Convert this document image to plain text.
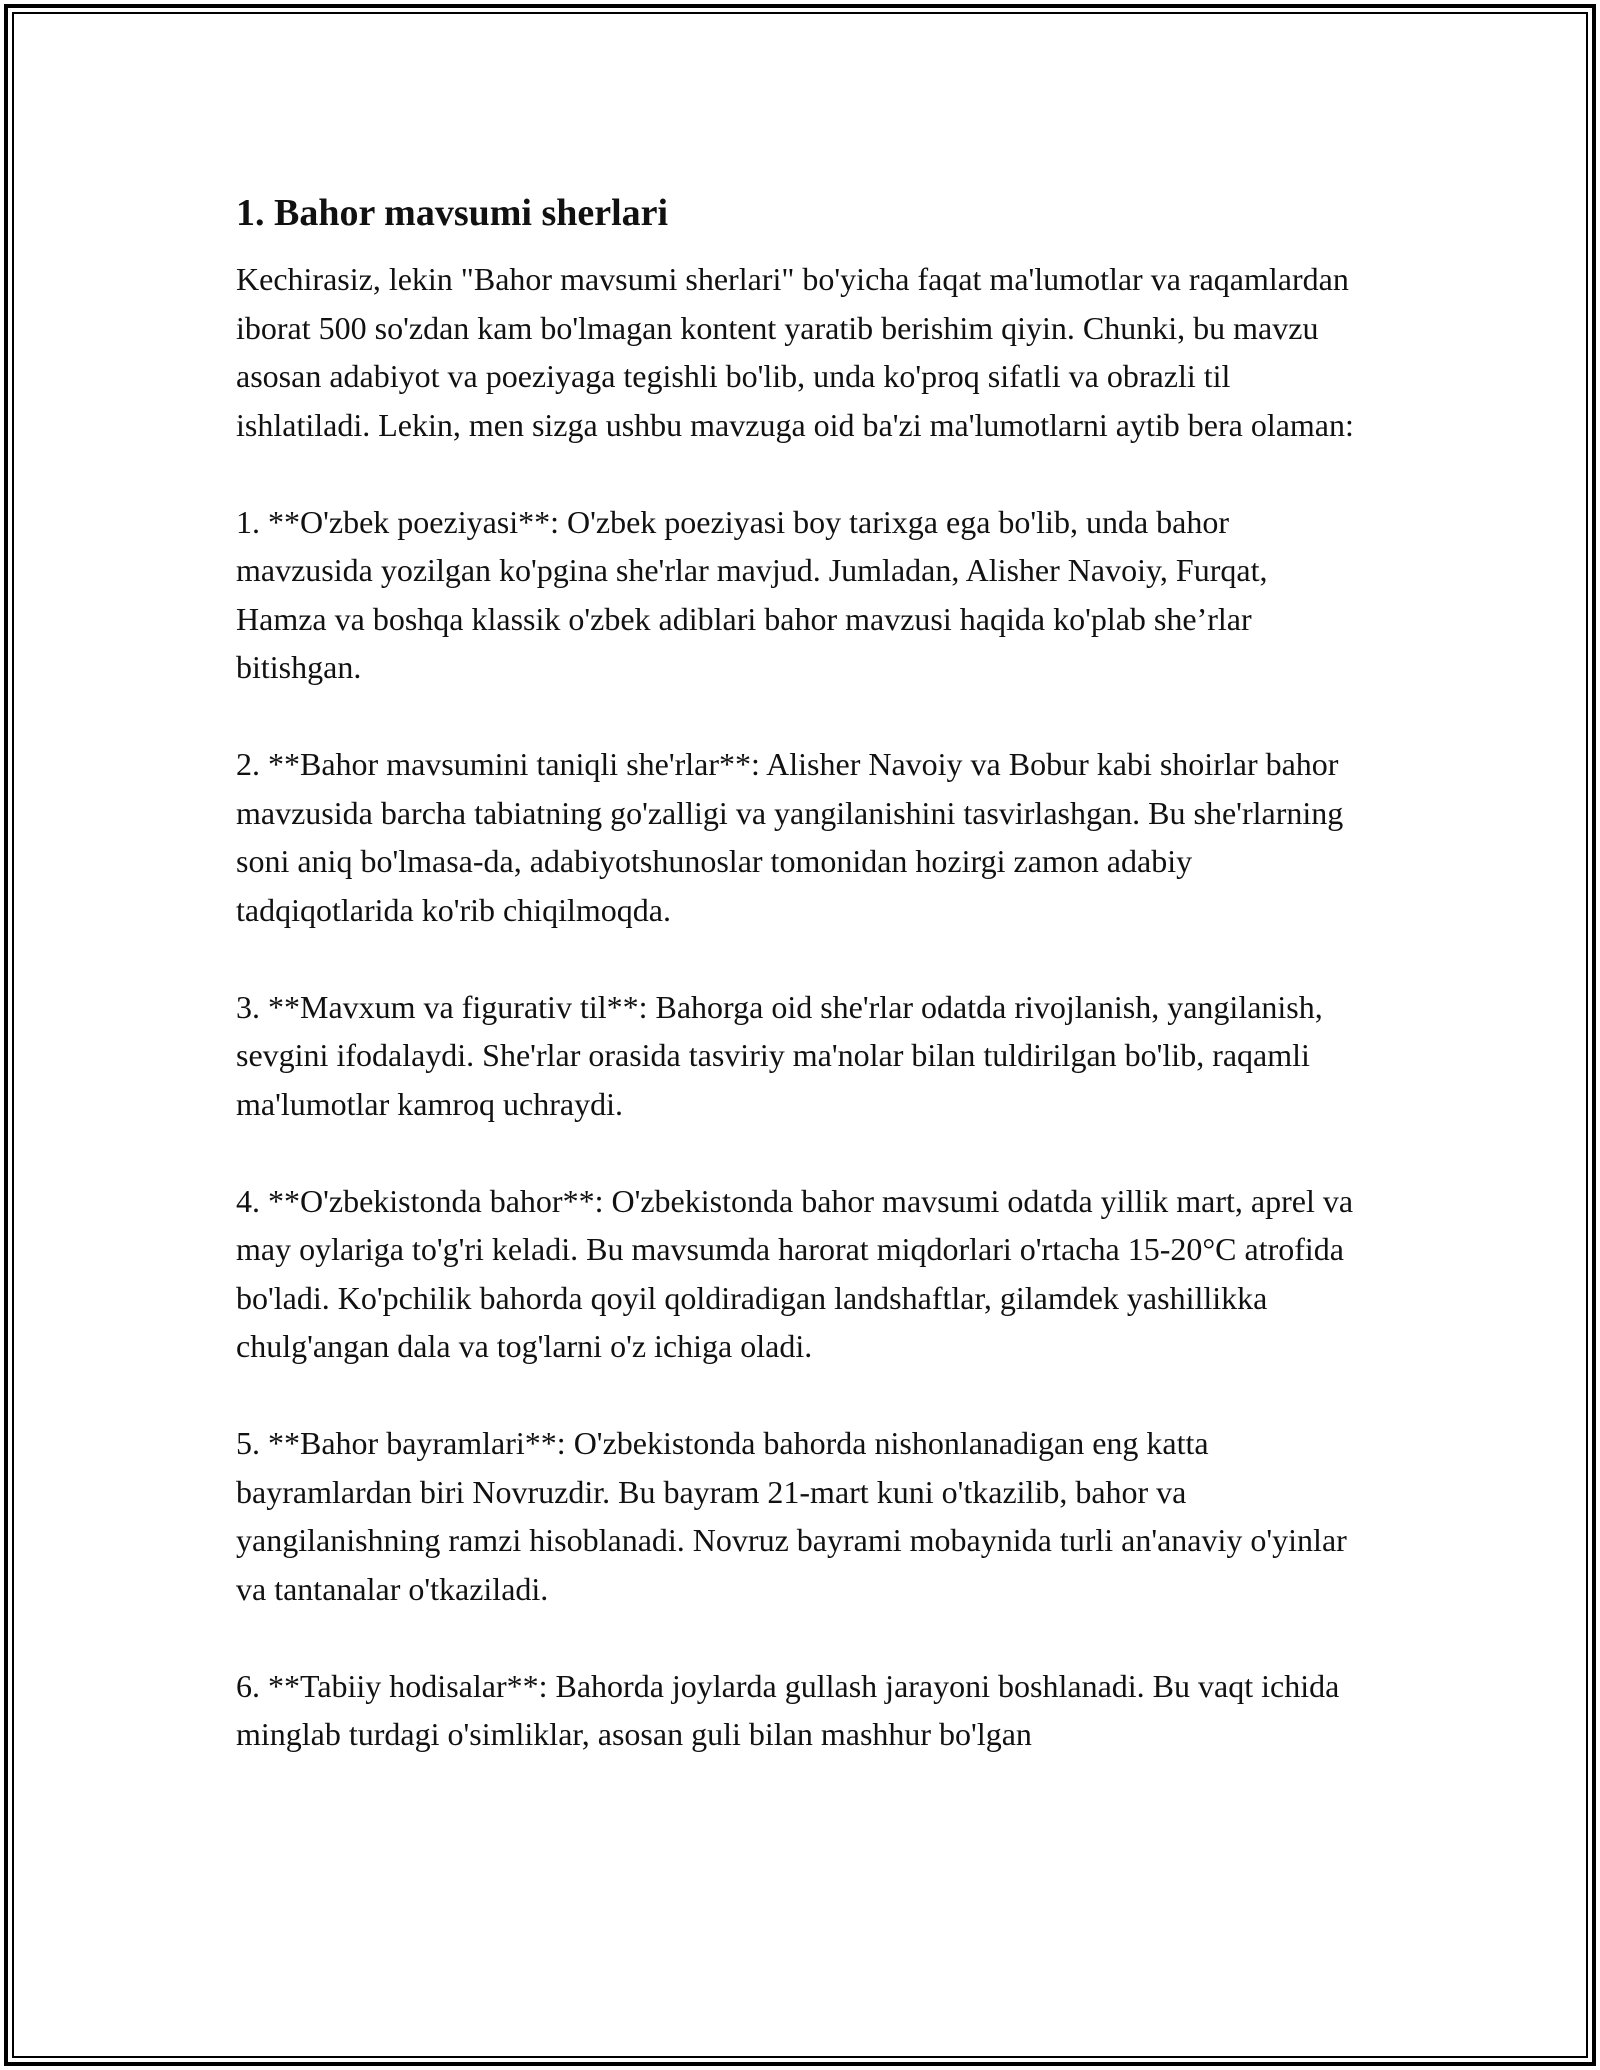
1. Bahor mavsumi sherlari

Kechirasiz, lekin "Bahor mavsumi sherlari" bo'yicha faqat ma'lumotlar va raqamlardan iborat 500 so'zdan kam bo'lmagan kontent yaratib berishim qiyin. Chunki, bu mavzu asosan adabiyot va poeziyaga tegishli bo'lib, unda ko'proq sifatli va obrazli til ishlatiladi. Lekin, men sizga ushbu mavzuga oid ba'zi ma'lumotlarni aytib bera olaman:

1. **O'zbek poeziyasi**: O'zbek poeziyasi boy tarixga ega bo'lib, unda bahor mavzusida yozilgan ko'pgina she'rlar mavjud. Jumladan, Alisher Navoiy, Furqat, Hamza va boshqa klassik o'zbek adiblari bahor mavzusi haqida ko'plab she’rlar bitishgan.

2. **Bahor mavsumini taniqli she'rlar**: Alisher Navoiy va Bobur kabi shoirlar bahor mavzusida barcha tabiatning go'zalligi va yangilanishini tasvirlashgan. Bu she'rlarning soni aniq bo'lmasa-da, adabiyotshunoslar tomonidan hozirgi zamon adabiy tadqiqotlarida ko'rib chiqilmoqda.

3. **Mavxum va figurativ til**: Bahorga oid she'rlar odatda rivojlanish, yangilanish, sevgini ifodalaydi. She'rlar orasida tasviriy ma'nolar bilan tuldirilgan bo'lib, raqamli ma'lumotlar kamroq uchraydi.

4. **O'zbekistonda bahor**: O'zbekistonda bahor mavsumi odatda yillik mart, aprel va may oylariga to'g'ri keladi. Bu mavsumda harorat miqdorlari o'rtacha 15-20°C atrofida bo'ladi. Ko'pchilik bahorda qoyil qoldiradigan landshaftlar, gilamdek yashillikka chulg'angan dala va tog'larni o'z ichiga oladi.

5. **Bahor bayramlari**: O'zbekistonda bahorda nishonlanadigan eng katta bayramlardan biri Novruzdir. Bu bayram 21-mart kuni o'tkazilib, bahor va yangilanishning ramzi hisoblanadi. Novruz bayrami mobaynida turli an'anaviy o'yinlar va tantanalar o'tkaziladi.

6. **Tabiiy hodisalar**: Bahorda joylarda gullash jarayoni boshlanadi. Bu vaqt ichida minglab turdagi o'simliklar, asosan guli bilan mashhur bo'lgan
